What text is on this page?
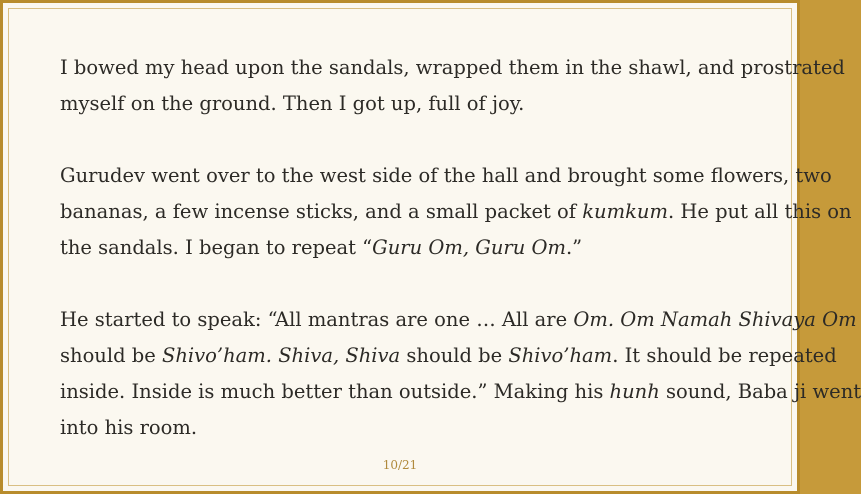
I bowed my head upon the sandals, wrapped them in the shawl, and prostrated
myself on the ground. Then I got up, full of joy.

Gurudev went over to the west side of the hall and brought some flowers, two
bananas, a few incense sticks, and a small packet of kumkum. He put all this on
the sandals. I began to repeat “Guru Om, Guru Om.”

He started to speak: “All mantras are one … All are Om. Om Namah Shivaya Om
should be Shivo’ham. Shiva, Shiva should be Shivo’ham. It should be repeated
inside. Inside is much better than outside.” Making his hunh sound, Baba ji went
into his room.

10/21
